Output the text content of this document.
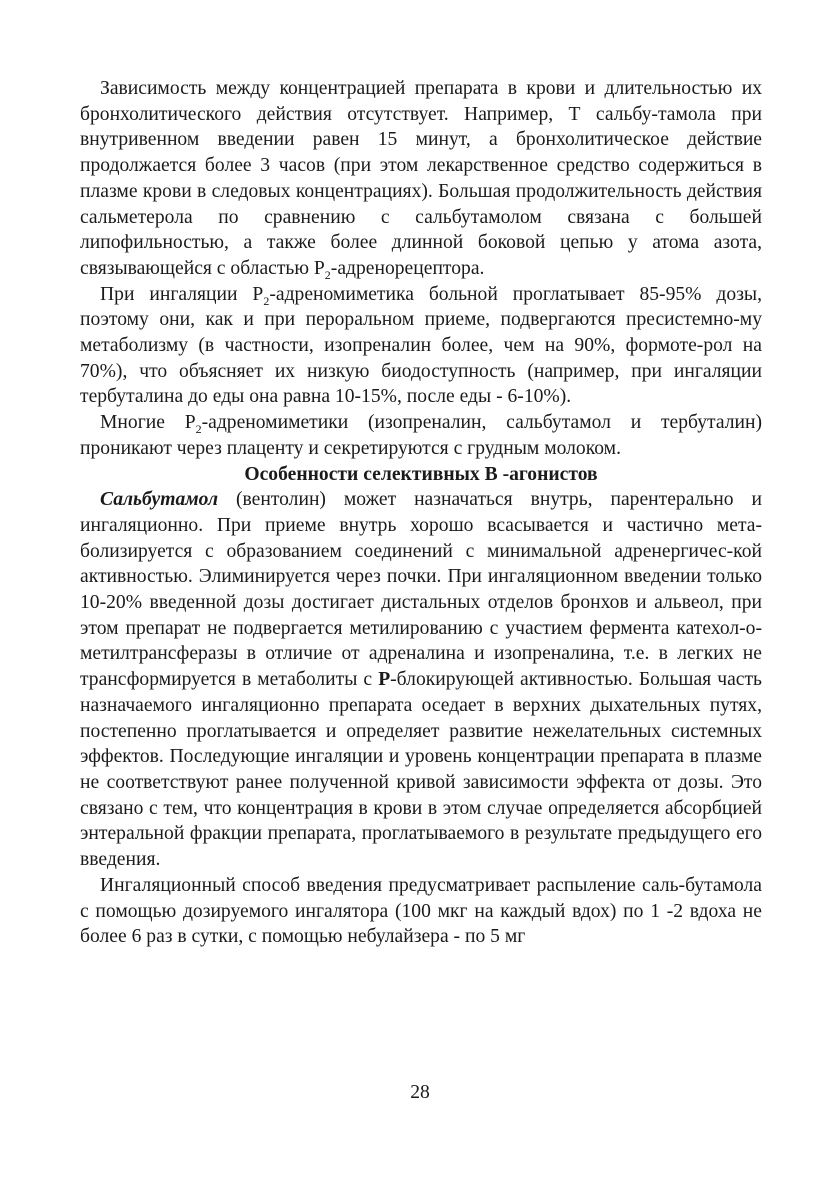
Зависимость между концентрацией препарата в крови и длительностью их бронхолитического действия отсутствует. Например, Т сальбу-тамола при внутривенном введении равен 15 минут, а бронхолитическое действие продолжается более 3 часов (при этом лекарственное средство содержиться в плазме крови в следовых концентрациях). Большая продолжительность действия сальметерола по сравнению с сальбутамолом связана с большей липофильностью, а также более длинной боковой цепью у атома азота, связывающейся с областью $Р_2$-адренорецептора.

При ингаляции $Р_2$-адреномиметика больной проглатывает 85-95% дозы, поэтому они, как и при пероральном приеме, подвергаются пресистемно-му метаболизму (в частности, изопреналин более, чем на 90%, формоте-рол на 70%), что объясняет их низкую биодоступность (например, при ингаляции тербуталина до еды она равна 10-15%, после еды - 6-10%).

Многие $Р_2$-адреномиметики (изопреналин, сальбутамол и тербуталин) проникают через плаценту и секретируются с грудным молоком.

Особенности селективных В -агонистов

Сальбутамол (вентолин) может назначаться внутрь, парентерально и ингаляционно. При приеме внутрь хорошо всасывается и частично мета-болизируется с образованием соединений с минимальной адренергичес-кой активностью. Элиминируется через почки. При ингаляционном введении только 10-20% введенной дозы достигает дистальных отделов бронхов и альвеол, при этом препарат не подвергается метилированию с участием фермента катехол-о-метилтрансферазы в отличие от адреналина и изопреналина, т.е. в легких не трансформируется в метаболиты с Р-блокирующей активностью. Большая часть назначаемого ингаляционно препарата оседает в верхних дыхательных путях, постепенно проглатывается и определяет развитие нежелательных системных эффектов. Последующие ингаляции и уровень концентрации препарата в плазме не соответствуют ранее полученной кривой зависимости эффекта от дозы. Это связано с тем, что концентрация в крови в этом случае определяется абсорбцией энтеральной фракции препарата, проглатываемого в результате предыдущего его введения.

Ингаляционный способ введения предусматривает распыление саль-бутамола с помощью дозируемого ингалятора (100 мкг на каждый вдох) по 1 -2 вдоха не более 6 раз в сутки, с помощью небулайзера - по 5 мг

28
